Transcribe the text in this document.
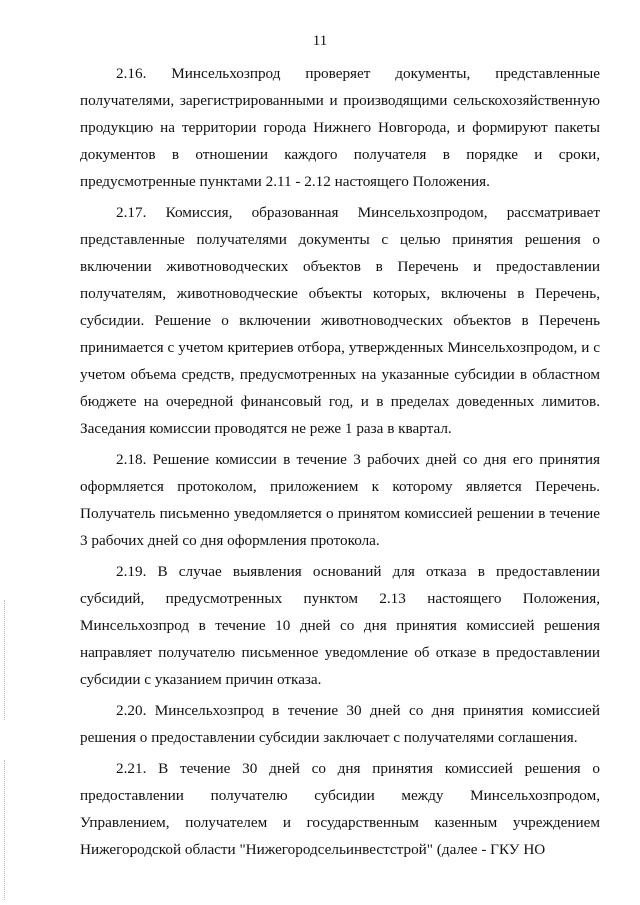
11

2.16. Минсельхозпрод проверяет документы, представленные получателями, зарегистрированными и производящими сельскохозяйственную продукцию на территории города Нижнего Новгорода, и формируют пакеты документов в отношении каждого получателя в порядке и сроки, предусмотренные пунктами 2.11 - 2.12 настоящего Положения.

2.17. Комиссия, образованная Минсельхозпродом, рассматривает представленные получателями документы с целью принятия решения о включении животноводческих объектов в Перечень и предоставлении получателям, животноводческие объекты которых, включены в Перечень, субсидии. Решение о включении животноводческих объектов в Перечень принимается с учетом критериев отбора, утвержденных Минсельхозпродом, и с учетом объема средств, предусмотренных на указанные субсидии в областном бюджете на очередной финансовый год, и в пределах доведенных лимитов. Заседания комиссии проводятся не реже 1 раза в квартал.

2.18. Решение комиссии в течение 3 рабочих дней со дня его принятия оформляется протоколом, приложением к которому является Перечень. Получатель письменно уведомляется о принятом комиссией решении в течение 3 рабочих дней со дня оформления протокола.

2.19. В случае выявления оснований для отказа в предоставлении субсидий, предусмотренных пунктом 2.13 настоящего Положения, Минсельхозпрод в течение 10 дней со дня принятия комиссией решения направляет получателю письменное уведомление об отказе в предоставлении субсидии с указанием причин отказа.

2.20. Минсельхозпрод в течение 30 дней со дня принятия комиссией решения о предоставлении субсидии заключает с получателями соглашения.

2.21. В течение 30 дней со дня принятия комиссией решения о предоставлении получателю субсидии между Минсельхозпродом, Управлением, получателем и государственным казенным учреждением Нижегородской области "Нижегородсельинвестстрой" (далее - ГКУ НО
